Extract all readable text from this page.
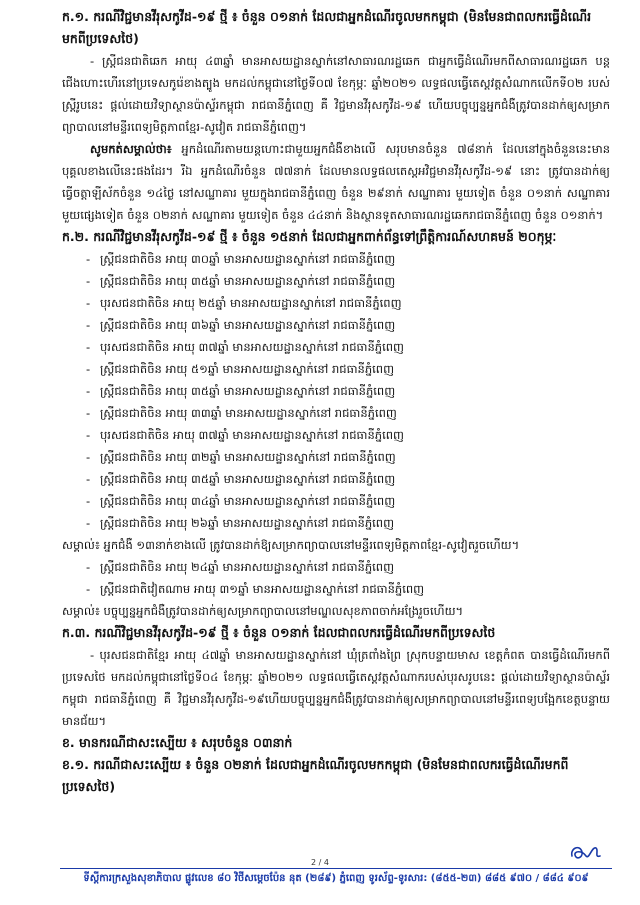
ក.១. ករណីវិជ្ជមានវីរុសកូវីដ-១៩ ថ្មី ៖ ចំនួន ០១នាក់ ដែលជាអ្នកដំណើរចូលមកកម្ពុជា (មិនមែនជាពលករធ្វើដំណើរមកពីប្រទេសថៃ)

- ស្ត្រីជនជាតិឆេក អាយុ ៤៣ឆ្នាំ មានអាសយដ្ឋានស្នាក់នៅសាធារណរដ្ឋឆេក ជាអ្នកធ្វើដំណើរមកពីសាធារណរដ្ឋឆេក បន្តជើងហោះហើរនៅប្រទេសកូរ៉េខាងត្បូង មកដល់កម្ពុជានៅថ្ងៃទី០៧ ខែកុម្ភៈ ឆ្នាំ២០២១ លទ្ធផលធ្វើតេស្តវត្តសំណាកលើកទី០២ របស់ស្ត្រីរូបនេះ ផ្តល់ដោយវិទ្យាស្ថានប៉ាស្ទ័រកម្ពុជា រាជធានីភ្នំពេញ គឺ វិជ្ជមានវីរុសកូវីដ-១៩ ហើយបច្ចុប្បន្នអ្នកជំងឺត្រូវបានដាក់ឲ្យសម្រាកព្យាបាលនៅមន្ទីរពេទ្យមិត្តភាពខ្មែរ-សូវៀត រាជធានីភ្នំពេញ។

សូមកត់សម្គាល់ថា៖ អ្នកដំណើរតាមយន្តហោះជាមួយអ្នកជំងឺខាងលើ សរុបមានចំនួន ៧៨នាក់ ដែលនៅក្នុងចំនួននេះមាន បុគ្គលខាងលើនេះផងដែរ។ រីឯ អ្នកដំណើរចំនួន ៧៧នាក់ ដែលមានលទ្ធផលតេស្តអវិជ្ជមានវីរុសកូវីដ-១៩ នោះ ត្រូវបានដាក់ឲ្យធ្វើចត្តាឡីស័កចំនួន ១៤ថ្ងៃ នៅសណ្ឋាគារ មួយក្នុងរាជធានីភ្នំពេញ ចំនួន ២៩នាក់ សណ្ឋាគារ មួយទៀត ចំនួន ០១នាក់ សណ្ឋាគារ មួយផ្សេងទៀត ចំនួន ០២នាក់ សណ្ឋាគារ មួយទៀត ចំនួន ៤៤នាក់ និងស្ថានទូតសាធារណរដ្ឋឆេករាជធានីភ្នំពេញ ចំនួន ០១នាក់។

ក.២. ករណីវិជ្ជមានវីរុសកូវីដ-១៩ ថ្មី ៖ ចំនួន ១៥នាក់ ដែលជាអ្នកពាក់ព័ន្ធទៅព្រឹត្តិការណ៍សហគមន៍ ២០កុម្ភៈ

- ស្ត្រីជនជាតិចិន អាយុ ៣០ឆ្នាំ មានអាសយដ្ឋានស្នាក់នៅ រាជធានីភ្នំពេញ
- ស្ត្រីជនជាតិចិន អាយុ ៣៥ឆ្នាំ មានអាសយដ្ឋានស្នាក់នៅ រាជធានីភ្នំពេញ
- បុរសជនជាតិចិន អាយុ ២៥ឆ្នាំ មានអាសយដ្ឋានស្នាក់នៅ រាជធានីភ្នំពេញ
- ស្ត្រីជនជាតិចិន អាយុ ៣៦ឆ្នាំ មានអាសយដ្ឋានស្នាក់នៅ រាជធានីភ្នំពេញ
- បុរសជនជាតិចិន អាយុ ៣៧ឆ្នាំ មានអាសយដ្ឋានស្នាក់នៅ រាជធានីភ្នំពេញ
- ស្ត្រីជនជាតិចិន អាយុ ៥១ឆ្នាំ មានអាសយដ្ឋានស្នាក់នៅ រាជធានីភ្នំពេញ
- ស្ត្រីជនជាតិចិន អាយុ ៣៥ឆ្នាំ មានអាសយដ្ឋានស្នាក់នៅ រាជធានីភ្នំពេញ
- ស្ត្រីជនជាតិចិន អាយុ ៣៣ឆ្នាំ មានអាសយដ្ឋានស្នាក់នៅ រាជធានីភ្នំពេញ
- បុរសជនជាតិចិន អាយុ ៣៧ឆ្នាំ មានអាសយដ្ឋានស្នាក់នៅ រាជធានីភ្នំពេញ
- ស្ត្រីជនជាតិចិន អាយុ ៣២ឆ្នាំ មានអាសយដ្ឋានស្នាក់នៅ រាជធានីភ្នំពេញ
- ស្ត្រីជនជាតិចិន អាយុ ៣៥ឆ្នាំ មានអាសយដ្ឋានស្នាក់នៅ រាជធានីភ្នំពេញ
- ស្ត្រីជនជាតិចិន អាយុ ៣៤ឆ្នាំ មានអាសយដ្ឋានស្នាក់នៅ រាជធានីភ្នំពេញ
- ស្ត្រីជនជាតិចិន អាយុ ២៦ឆ្នាំ មានអាសយដ្ឋានស្នាក់នៅ រាជធានីភ្នំពេញ

សម្គាល់៖ អ្នកជំងឺ ១៣នាក់ខាងលើ ត្រូវបានដាក់ឱ្យសម្រាកព្យាបាលនៅមន្ទីរពេទ្យមិត្តភាពខ្មែរ-សូវៀតរួចហើយ។

- ស្ត្រីជនជាតិចិន អាយុ ២៤ឆ្នាំ មានអាសយដ្ឋានស្នាក់នៅ រាជធានីភ្នំពេញ
- ស្ត្រីជនជាតិវៀតណាម អាយុ ៣១ឆ្នាំ មានអាសយដ្ឋានស្នាក់នៅ រាជធានីភ្នំពេញ

សម្គាល់៖ បច្ចុប្បន្នអ្នកជំងឺត្រូវបានដាក់ឲ្យសម្រាកព្យាបាលនៅមណ្ឌលសុខភាពចាក់អង្រែរួចហើយ។

ក.៣. ករណីវិជ្ជមានវីរុសកូវីដ-១៩ ថ្មី ៖ ចំនួន ០១នាក់ ដែលជាពលករធ្វើដំណើរមកពីប្រទេសថៃ

- បុរសជនជាតិខ្មែរ អាយុ ៤៧ឆ្នាំ មានអាសយដ្ឋានស្នាក់នៅ ឃុំត្រពាំងព្រៃ ស្រុកបន្ទាយមាស ខេត្តកំពត បានធ្វើដំណើរមកពីប្រទេសថៃ មកដល់កម្ពុជានៅថ្ងៃទី០៤ ខែកុម្ភៈ ឆ្នាំ២០២១ លទ្ធផលធ្វើតេស្តវត្តសំណាករបស់បុរសរូបនេះ ផ្តល់ដោយវិទ្យាស្ថានប៉ាស្ទ័រកម្ពុជា រាជធានីភ្នំពេញ គឺ វិជ្ជមានវីរុសកូវីដ-១៩ហើយបច្ចុប្បន្នអ្នកជំងឺត្រូវបានដាក់ឲ្យសម្រាកព្យាបាលនៅមន្ទីរពេទ្យបង្អែកខេត្តបន្ទាយមានជ័យ។

ខ. មានករណីជាសះស្បើយ ៖ សរុបចំនួន ០៣នាក់

ខ.១. ករណីជាសះស្បើយ ៖ ចំនួន ០២នាក់ ដែលជាអ្នកដំណើរចូលមកកម្ពុជា (មិនមែនជាពលករធ្វើដំណើរមកពីប្រទេសថៃ)

2 / 4
ទីស្តីការក្រសួងសុខាភិបាល ផ្លូវលេខ ៨០ វិថីសម្តេចប៉ែន នុត (២៨៩) ភ្នំពេញ ទូរស័ព្ទ-ទូរសារ: (៨៥៥-២៣) ៨៨៥ ៩៧០ / ៨៨៤ ៩០៩
